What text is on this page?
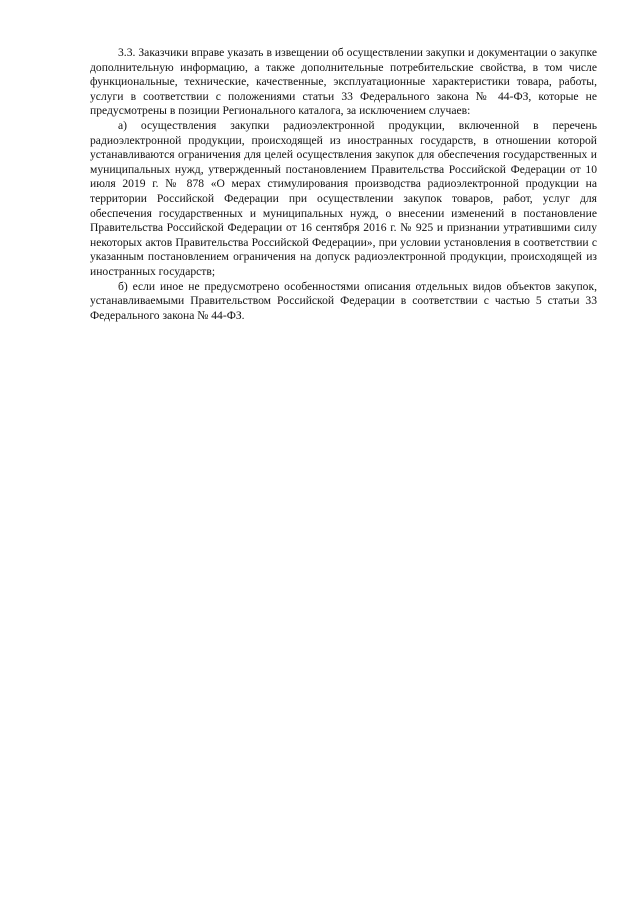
3.3. Заказчики вправе указать в извещении об осуществлении закупки и документации о закупке дополнительную информацию, а также дополнительные потребительские свойства, в том числе функциональные, технические, качественные, эксплуатационные характеристики товара, работы, услуги в соответствии с положениями статьи 33 Федерального закона № 44-ФЗ, которые не предусмотрены в позиции Регионального каталога, за исключением случаев:

а) осуществления закупки радиоэлектронной продукции, включенной в перечень радиоэлектронной продукции, происходящей из иностранных государств, в отношении которой устанавливаются ограничения для целей осуществления закупок для обеспечения государственных и муниципальных нужд, утвержденный постановлением Правительства Российской Федерации от 10 июля 2019 г. № 878 «О мерах стимулирования производства радиоэлектронной продукции на территории Российской Федерации при осуществлении закупок товаров, работ, услуг для обеспечения государственных и муниципальных нужд, о внесении изменений в постановление Правительства Российской Федерации от 16 сентября 2016 г. № 925 и признании утратившими силу некоторых актов Правительства Российской Федерации», при условии установления в соответствии с указанным постановлением ограничения на допуск радиоэлектронной продукции, происходящей из иностранных государств;

б) если иное не предусмотрено особенностями описания отдельных видов объектов закупок, устанавливаемыми Правительством Российской Федерации в соответствии с частью 5 статьи 33 Федерального закона № 44-ФЗ.
